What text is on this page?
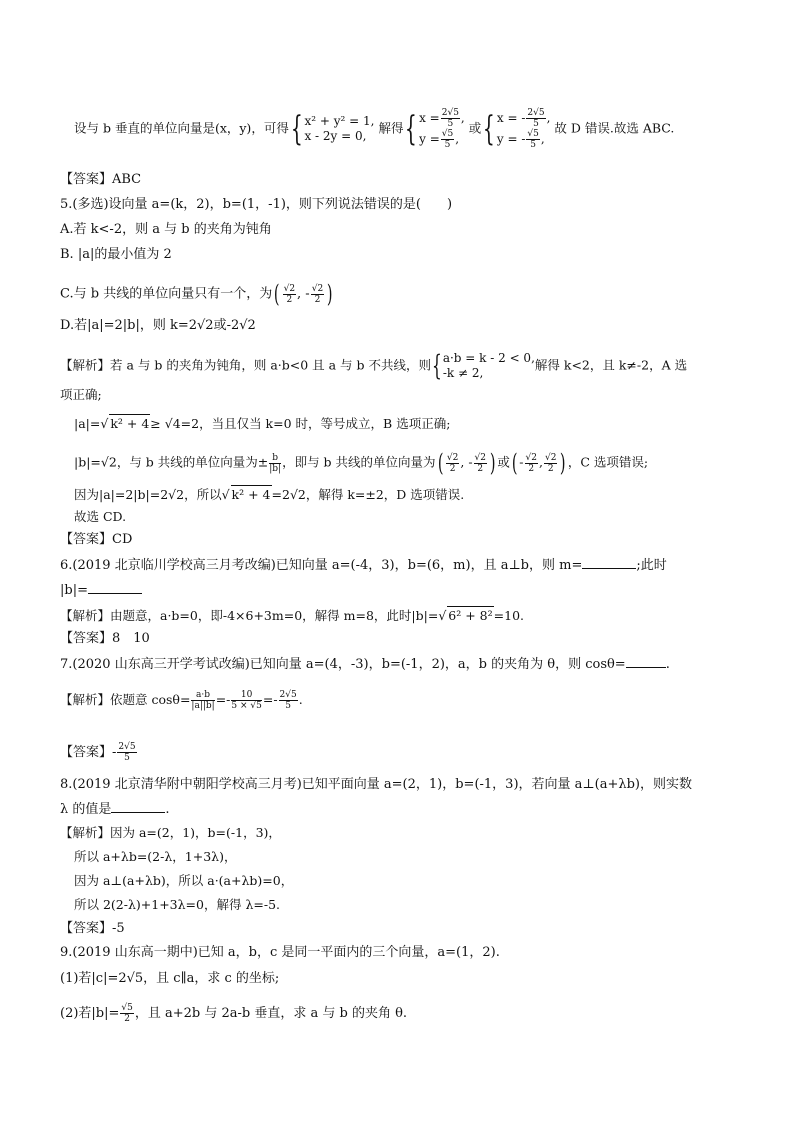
设与 b 垂直的单位向量是(x，y)，可得{ x² + y² = 1,
x - 2y = 0,
解得{ $x = \frac{2√5}{5}$ ,
$y = \frac{√5}{5}$ ,
或{ x = - $\frac{2√5}{5}$ ,
y = - $\frac{√5}{5}$ ,
故 D 错误.故选 ABC.
【答案】ABC
5.(多选)设向量 a=(k，2)，b=(1，-1)，则下列说法错误的是(　　)
A.若 k<-2，则 a 与 b 的夹角为钝角
B. |a|的最小值为 2
C.与 b 共线的单位向量只有一个，为( $\frac{√2}{2}$ , - $\frac{√2}{2}$ )
D.若|a|=2|b|，则 k=2√2或-2√2
【解析】若 a 与 b 的夹角为钝角，则 a·b<0 且 a 与 b 不共线，则{ a·b = k - 2 < 0,
-k ≠ 2,
解得 k<2，且 k≠-2，A 选
项正确;
|a|=√ k² + 4≥ √4=2，当且仅当 k=0 时，等号成立，B 选项正确;
|b|=√2，与 b 共线的单位向量为± $\frac{b}{|b|}$ ，即与 b 共线的单位向量为( $\frac{√2}{2}$ , - $\frac{√2}{2}$ ) 或( - $\frac{√2}{2}$ , $\frac{√2}{2}$ ) ，C 选项错误;
因为|a|=2|b|=2√2，所以√ k² + 4=2√2，解得 k=±2，D 选项错误.
故选 CD.
【答案】CD
6.(2019 北京临川学校高三月考改编)已知向量 a=(-4，3)，b=(6，m)，且 a⊥b，则 m=	;此时
|b|=
【解析】由题意，a·b=0，即-4×6+3m=0，解得 m=8，此时|b|=√ 6² + 8²=10.
【答案】8　10
7.(2020 山东高三开学考试改编)已知向量 a=(4，-3)，b=(-1，2)，a，b 的夹角为 θ，则 cosθ=	.
【解析】依题意 $\cos\theta= \frac{a\cdot b}{|a||b|} =- \frac{10}{5 \times √5} =- \frac{2√5}{5}$ .
【答案】- $\frac{2√5}{5}$
8.(2019 北京清华附中朝阳学校高三月考)已知平面向量 a=(2，1)，b=(-1，3)，若向量 a⊥(a+λb)，则实数
λ 的值是	.
【解析】因为 a=(2，1)，b=(-1，3)，
所以 a+λb=(2-λ，1+3λ)，
因为 a⊥(a+λb)，所以 a·(a+λb)=0，
所以 2(2-λ)+1+3λ=0，解得 λ=-5.
【答案】-5
9.(2019 山东高一期中)已知 a，b，c 是同一平面内的三个向量，a=(1，2).
(1)若|c|=2√5，且 c∥a，求 c 的坐标;
(2)若$|b|= \frac{√5}{2}$ ，且 a+2b 与 2a-b 垂直，求 a 与 b 的夹角 θ.
